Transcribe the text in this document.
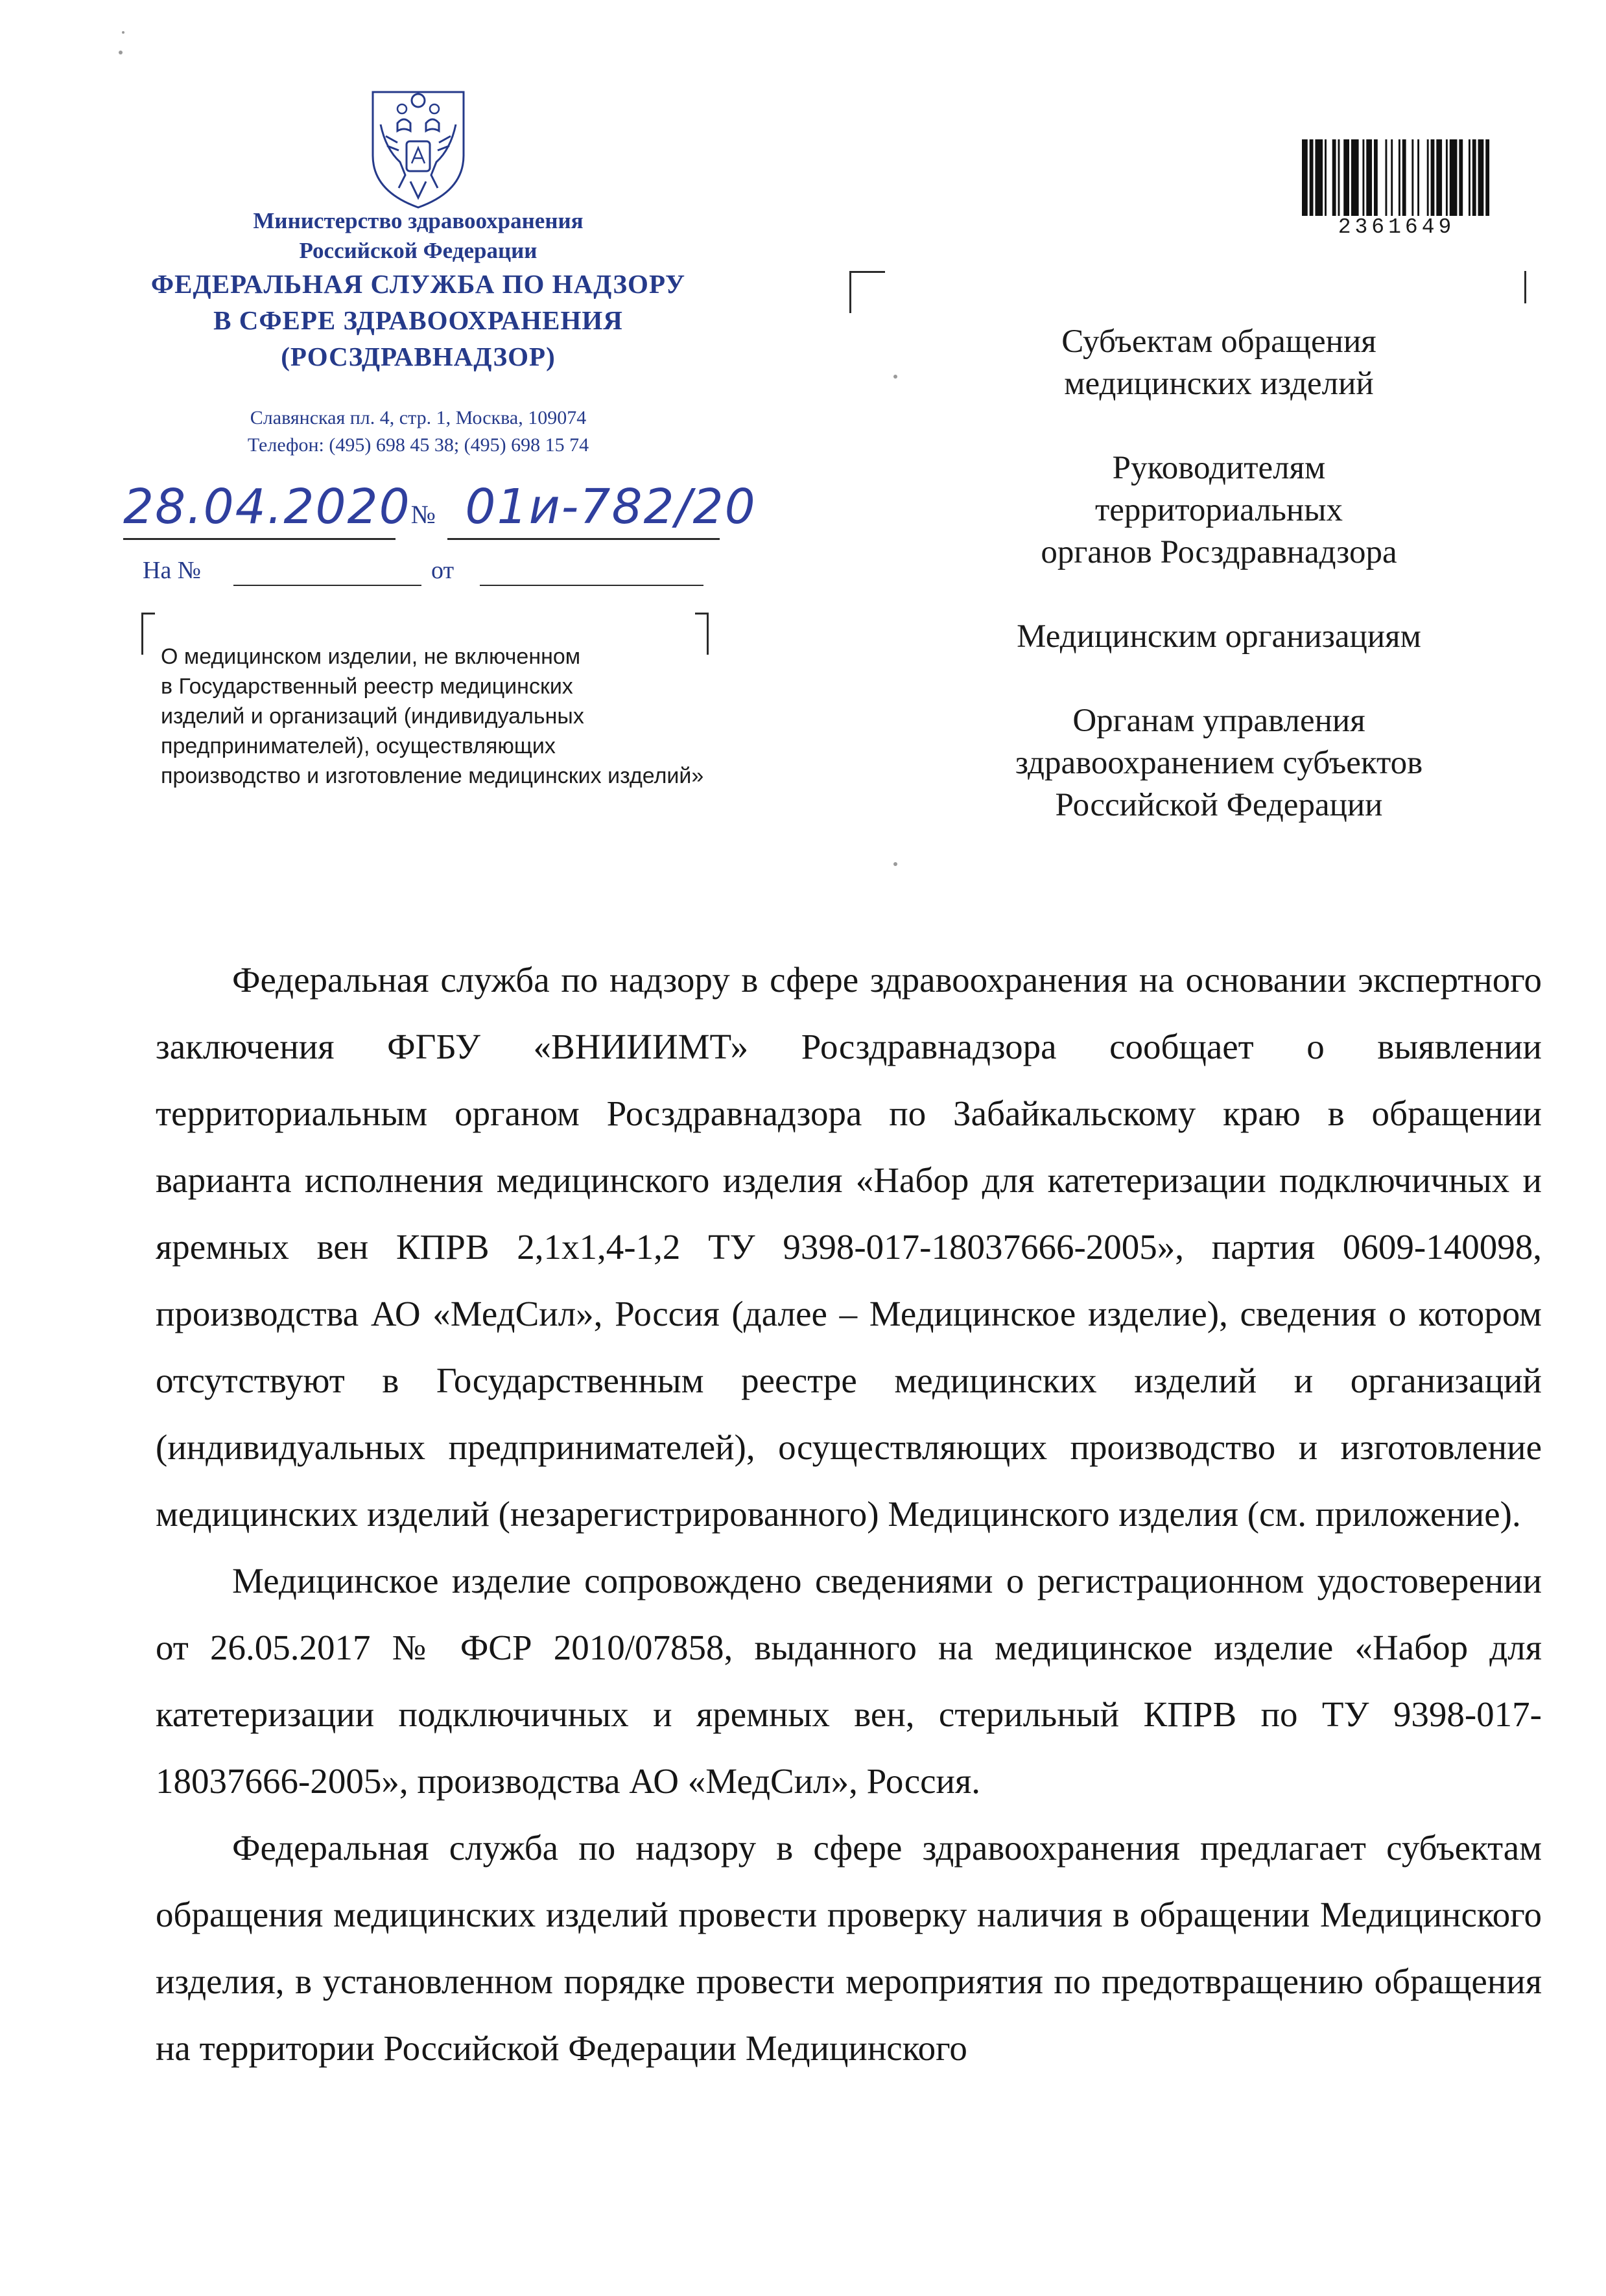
Министерство здравоохранения
Российской Федерации
ФЕДЕРАЛЬНАЯ СЛУЖБА ПО НАДЗОРУ
В СФЕРЕ ЗДРАВООХРАНЕНИЯ
(РОСЗДРАВНАДЗОР)
Славянская пл. 4, стр. 1, Москва, 109074
Телефон: (495) 698 45 38; (495) 698 15 74
28.04.2020№ 01и-782/20
На №	от
О медицинском изделии, не включенном
в Государственный реестр медицинских
изделий и организаций (индивидуальных
предпринимателей), осуществляющих
производство и изготовление медицинских изделий»
2361649
Субъектам обращения
медицинских изделий
Руководителям
территориальных
органов Росздравнадзора
Медицинским организациям
Органам управления
здравоохранением субъектов
Российской Федерации

Федеральная служба по надзору в сфере здравоохранения на основании экспертного заключения ФГБУ «ВНИИИМТ» Росздравнадзора сообщает о выявлении территориальным органом Росздравнадзора по Забайкальскому краю в обращении варианта исполнения медицинского изделия «Набор для катетеризации подключичных и яремных вен КПРВ 2,1х1,4-1,2 ТУ 9398-017-18037666-2005», партия 0609-140098, производства АО «МедСил», Россия (далее – Медицинское изделие), сведения о котором отсутствуют в Государственным реестре медицинских изделий и организаций (индивидуальных предпринимателей), осуществляющих производство и изготовление медицинских изделий (незарегистрированного) Медицинского изделия (см. приложение).

Медицинское изделие сопровождено сведениями о регистрационном удостоверении от 26.05.2017 № ФСР 2010/07858, выданного на медицинское изделие «Набор для катетеризации подключичных и яремных вен, стерильный КПРВ по ТУ 9398-017-18037666-2005», производства АО «МедСил», Россия.

Федеральная служба по надзору в сфере здравоохранения предлагает субъектам обращения медицинских изделий провести проверку наличия в обращении Медицинского изделия, в установленном порядке провести мероприятия по предотвращению обращения на территории Российской Федерации Медицинского
